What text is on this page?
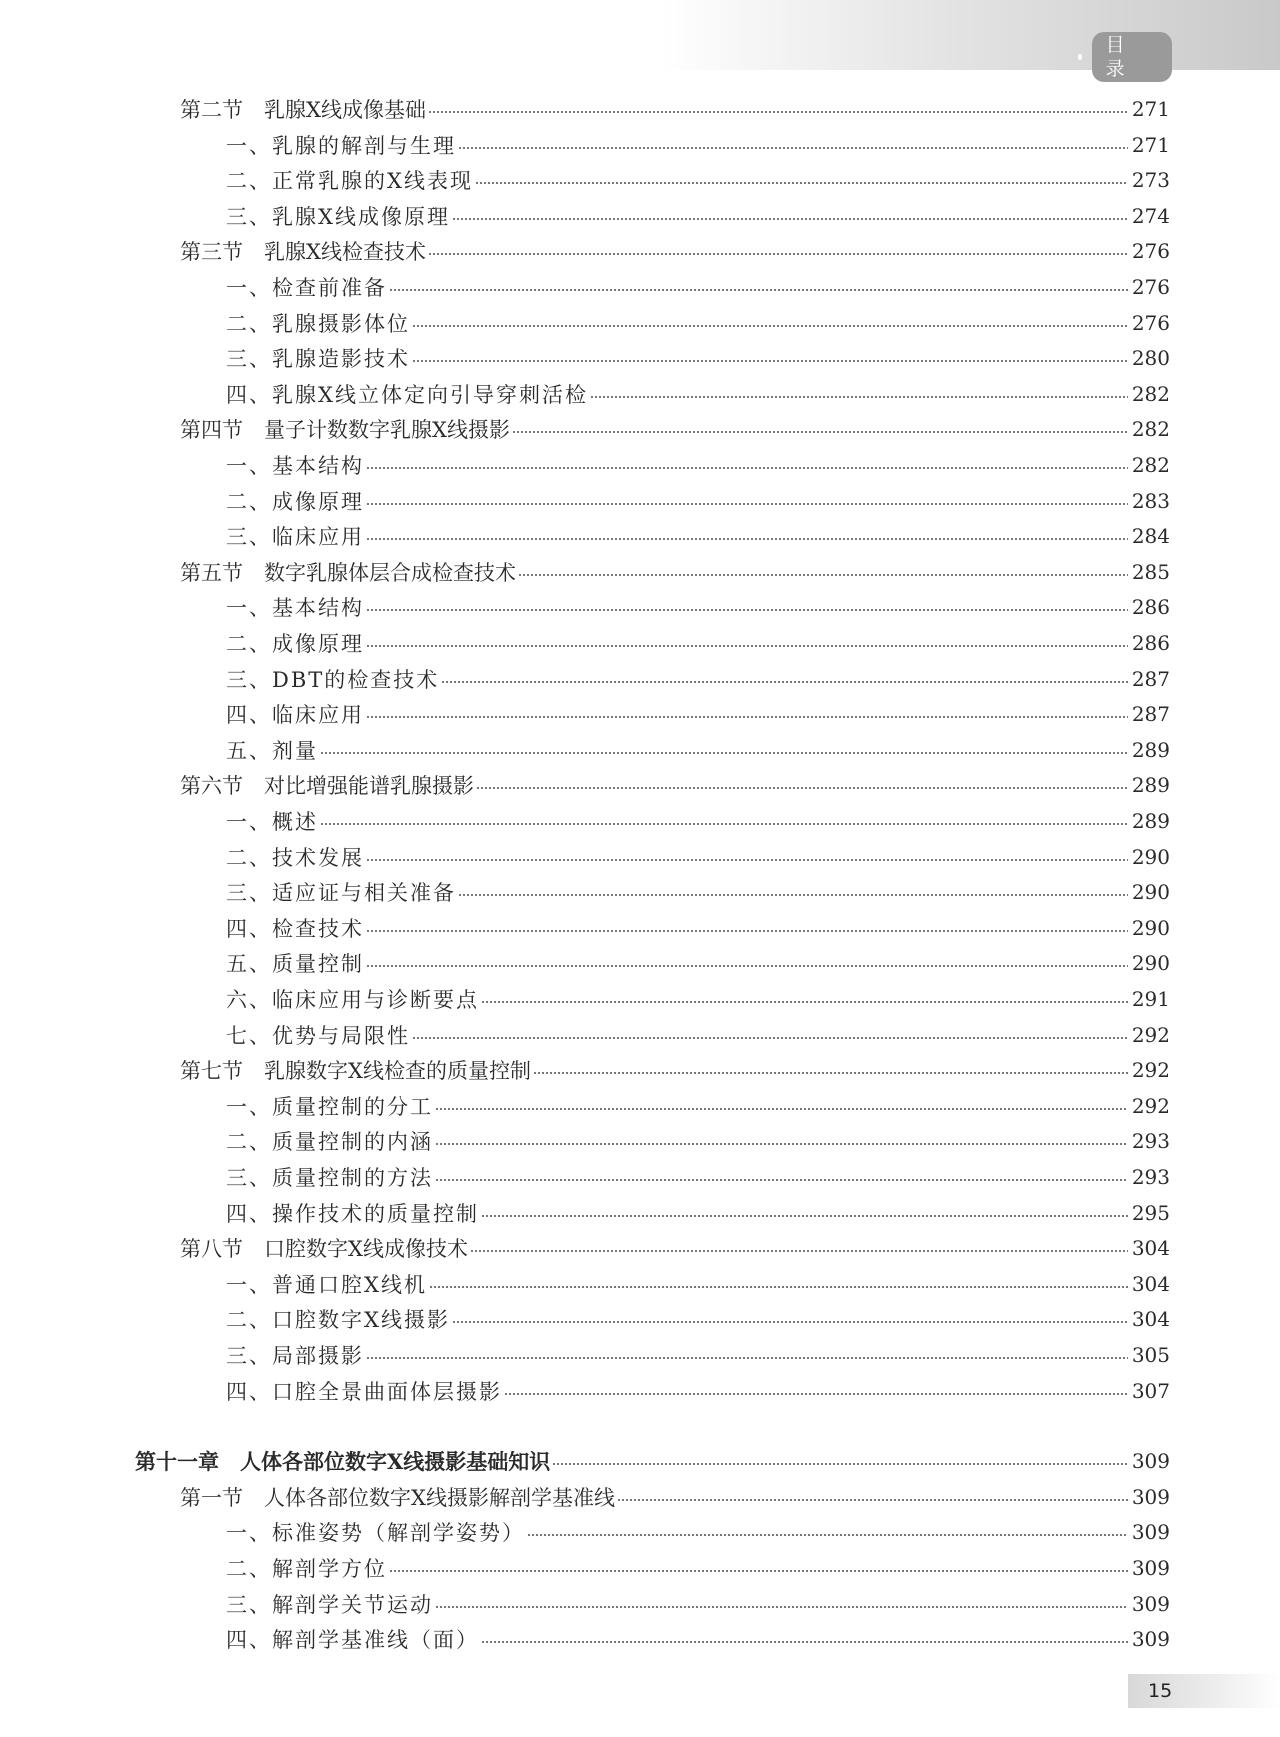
目 录
第二节　乳腺X线成像基础	271
一、乳腺的解剖与生理	271
二、正常乳腺的X线表现	273
三、乳腺X线成像原理	274
第三节　乳腺X线检查技术	276
一、检查前准备	276
二、乳腺摄影体位	276
三、乳腺造影技术	280
四、乳腺X线立体定向引导穿刺活检	282
第四节　量子计数数字乳腺X线摄影	282
一、基本结构	282
二、成像原理	283
三、临床应用	284
第五节　数字乳腺体层合成检查技术	285
一、基本结构	286
二、成像原理	286
三、DBT的检查技术	287
四、临床应用	287
五、剂量	289
第六节　对比增强能谱乳腺摄影	289
一、概述	289
二、技术发展	290
三、适应证与相关准备	290
四、检查技术	290
五、质量控制	290
六、临床应用与诊断要点	291
七、优势与局限性	292
第七节　乳腺数字X线检查的质量控制	292
一、质量控制的分工	292
二、质量控制的内涵	293
三、质量控制的方法	293
四、操作技术的质量控制	295
第八节　口腔数字X线成像技术	304
一、普通口腔X线机	304
二、口腔数字X线摄影	304
三、局部摄影	305
四、口腔全景曲面体层摄影	307
第十一章　人体各部位数字X线摄影基础知识	309
第一节　人体各部位数字X线摄影解剖学基准线	309
一、标准姿势（解剖学姿势）	309
二、解剖学方位	309
三、解剖学关节运动	309
四、解剖学基准线（面）	309
15
